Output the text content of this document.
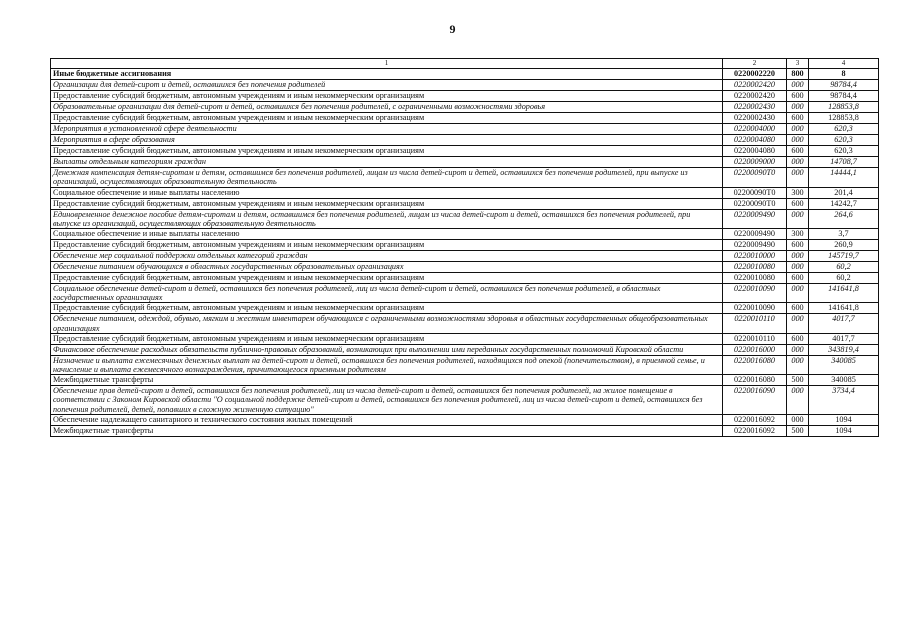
9
1	2	3	4
Иные бюджетные ассигнования	0220002220	800	8
Организации для детей-сирот и детей, оставшихся без попечения родителей	0220002420	000	98784,4
Предоставление субсидий бюджетным, автономным учреждениям и иным некоммерческим организациям	0220002420	600	98784,4
Образовательные организации для детей-сирот и детей, оставшихся без попечения родителей, с ограниченными возможностями здоровья	0220002430	000	128853,8
Предоставление субсидий бюджетным, автономным учреждениям и иным некоммерческим организациям	0220002430	600	128853,8
Мероприятия в установленной сфере деятельности	0220004000	000	620,3
Мероприятия в сфере образования	0220004080	000	620,3
Предоставление субсидий бюджетным, автономным учреждениям и иным некоммерческим организациям	0220004080	600	620,3
Выплаты отдельным категориям граждан	0220009000	000	14708,7
Денежная компенсация детям-сиротам и детям, оставшимся без попечения родителей, лицам из числа детей-сирот и детей, оставшихся без попечения родителей, при выпуске из организаций, осуществляющих образовательную деятельность	02200090Т0	000	14444,1
Социальное обеспечение и иные выплаты населению	02200090Т0	300	201,4
Предоставление субсидий бюджетным, автономным учреждениям и иным некоммерческим организациям	02200090Т0	600	14242,7
Единовременное денежное пособие детям-сиротам и детям, оставшимся без попечения родителей, лицам из числа детей-сирот и детей, оставшихся без попечения родителей, при выпуске из организаций, осуществляющих образовательную деятельность	0220009490	000	264,6
Социальное обеспечение и иные выплаты населению	0220009490	300	3,7
Предоставление субсидий бюджетным, автономным учреждениям и иным некоммерческим организациям	0220009490	600	260,9
Обеспечение мер социальной поддержки отдельных категорий граждан	0220010000	000	145719,7
Обеспечение питанием обучающихся в областных государственных образовательных организациях	0220010080	000	60,2
Предоставление субсидий бюджетным, автономным учреждениям и иным некоммерческим организациям	0220010080	600	60,2
Социальное обеспечение детей-сирот и детей, оставшихся без попечения родителей, лиц из числа детей-сирот и детей, оставшихся без попечения родителей, в областных государственных организациях	0220010090	000	141641,8
Предоставление субсидий бюджетным, автономным учреждениям и иным некоммерческим организациям	0220010090	600	141641,8
Обеспечение питанием, одеждой, обувью, мягким и жестким инвентарем обучающихся с ограниченными возможностями здоровья в областных государственных общеобразовательных организациях	0220010110	000	4017,7
Предоставление субсидий бюджетным, автономным учреждениям и иным некоммерческим организациям	0220010110	600	4017,7
Финансовое обеспечение расходных обязательств публично-правовых образований, возникающих при выполнении ими переданных государственных полномочий Кировской области	0220016000	000	343819,4
Назначение и выплата ежемесячных денежных выплат на детей-сирот и детей, оставшихся без попечения родителей, находящихся под опекой (попечительством), в приемной семье, и начисление и выплата ежемесячного вознаграждения, причитающегося приемным родителям	0220016080	000	340085
Межбюджетные трансферты	0220016080	500	340085
Обеспечение прав детей-сирот и детей, оставшихся без попечения родителей, лиц из числа детей-сирот и детей, оставшихся без попечения родителей, на жилое помещение в соответствии с Законом Кировской области "О социальной поддержке детей-сирот и детей, оставшихся без попечения родителей, лиц из числа детей-сирот и детей, оставшихся без попечения родителей, детей, попавших в сложную жизненную ситуацию"	0220016090	000	3734,4
Обеспечение надлежащего санитарного и технического состояния жилых помещений	0220016092	000	1094
Межбюджетные трансферты	0220016092	500	1094
